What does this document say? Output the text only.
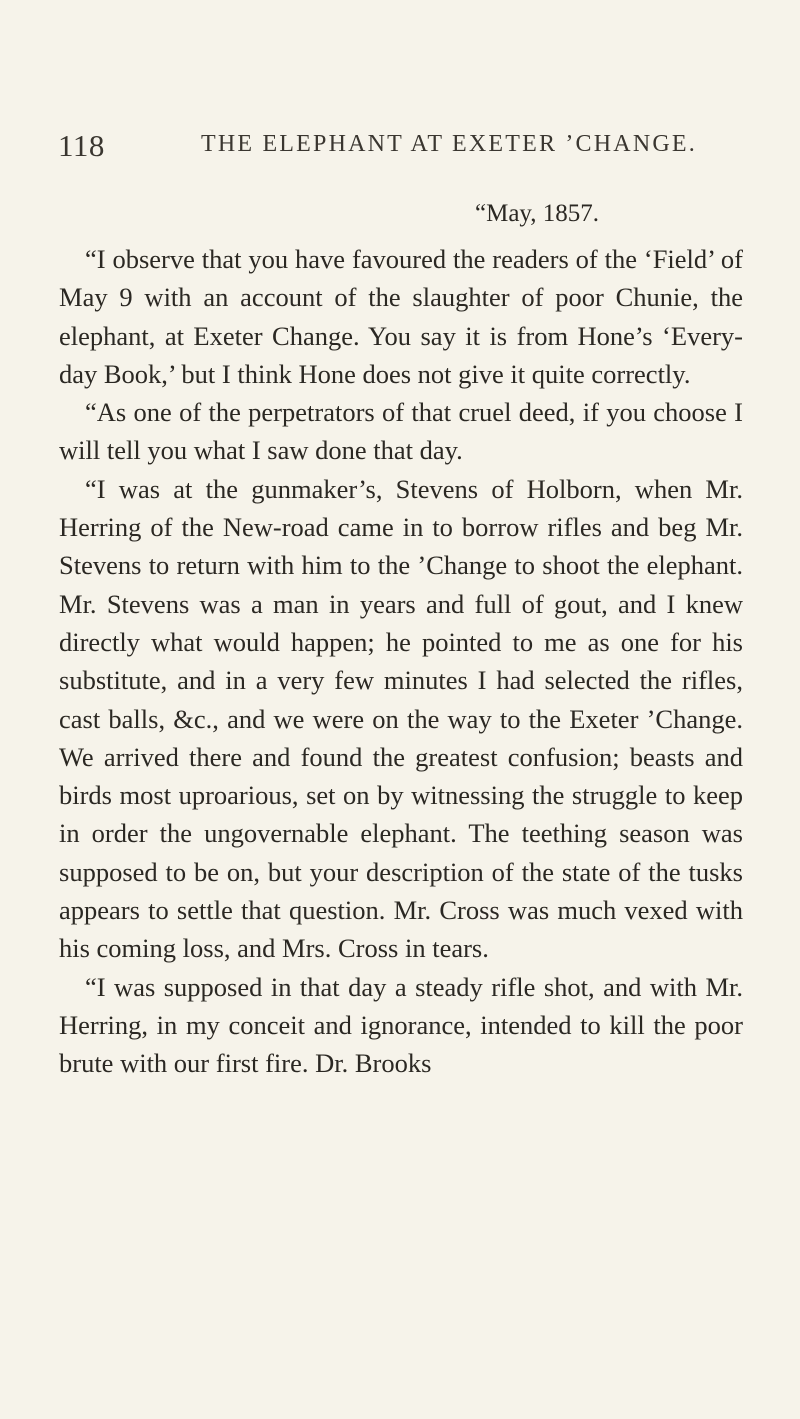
118	THE ELEPHANT AT EXETER ’CHANGE.
“May, 1857.

“I observe that you have favoured the readers of the ‘Field’ of May 9 with an account of the slaughter of poor Chunie, the elephant, at Exeter Change. You say it is from Hone’s ‘Every-day Book,’ but I think Hone does not give it quite correctly.

“As one of the perpetrators of that cruel deed, if you choose I will tell you what I saw done that day.

“I was at the gunmaker’s, Stevens of Holborn, when Mr. Herring of the New-road came in to borrow rifles and beg Mr. Stevens to return with him to the ’Change to shoot the elephant. Mr. Stevens was a man in years and full of gout, and I knew directly what would happen; he pointed to me as one for his substitute, and in a very few minutes I had selected the rifles, cast balls, &c., and we were on the way to the Exeter ’Change. We arrived there and found the greatest confusion; beasts and birds most uproarious, set on by witnessing the struggle to keep in order the ungovernable elephant. The teething season was supposed to be on, but your description of the state of the tusks appears to settle that question. Mr. Cross was much vexed with his coming loss, and Mrs. Cross in tears.

“I was supposed in that day a steady rifle shot, and with Mr. Herring, in my conceit and ignorance, intended to kill the poor brute with our first fire. Dr. Brooks
